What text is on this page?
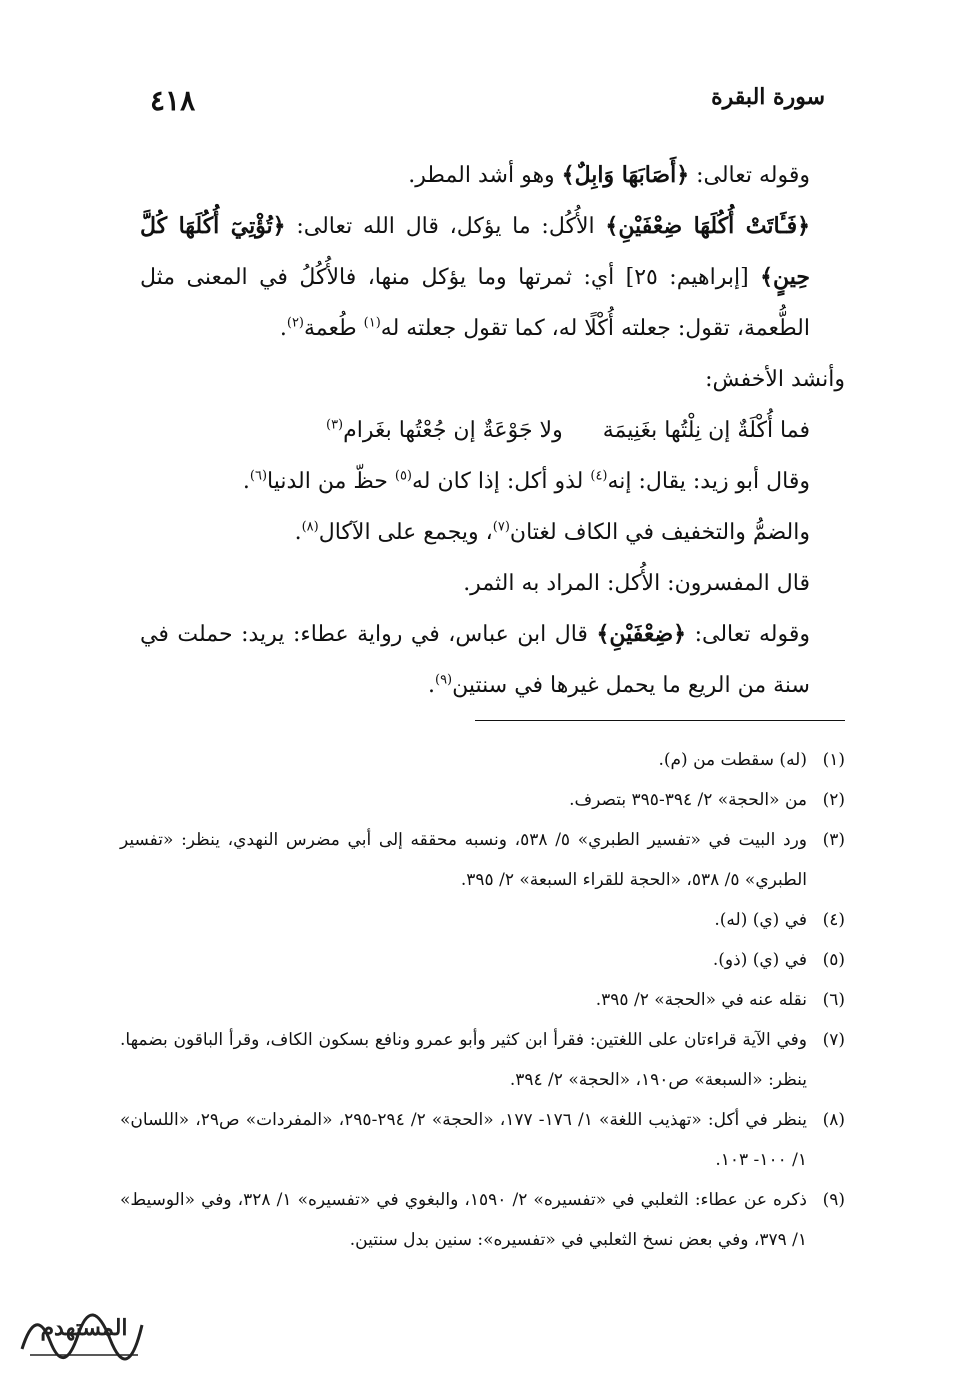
٤١٨	سورة البقرة

وقوله تعالى: ﴿أَصَابَهَا وَابِلٌ﴾ وهو أشد المطر.

﴿فَـَٔاتَتْ أُكُلَهَا ضِعْفَيْنِ﴾ الأُكُل: ما يؤكل، قال الله تعالى: ﴿تُؤْتِيٓ أُكُلَهَا كُلَّ حِينٍ﴾ [إبراهيم: ٢٥] أي: ثمرتها وما يؤكل منها، فالأُكُلُ في المعنى مثل الطُّعمة، تقول: جعلته أُكْلًا له، كما تقول جعلته له$^{(١)}$ طُعمة$^{(٢)}$.

وأنشد الأخفش:

فما أُكْلَةٌ إن نِلْتُها بغَنِيمَة  ولا جَوْعَةٌ إن جُعْتُها بغَرام$^{(٣)}$

وقال أبو زيد: يقال: إنه$^{(٤)}$ لذو أكل: إذا كان له$^{(٥)}$ حظّ من الدنيا$^{(٦)}$.

والضمُّ والتخفيف في الكاف لغتان$^{(٧)}$، ويجمع على الآكال$^{(٨)}$.

قال المفسرون: الأُكل: المراد به الثمر.

وقوله تعالى: ﴿ضِعْفَيْنِ﴾ قال ابن عباس، في رواية عطاء: يريد: حملت في سنة من الريع ما يحمل غيرها في سنتين$^{(٩)}$.

(١)
(له) سقطت من (م).
(٢)
من «الحجة» ٢/ ٣٩٤-٣٩٥ بتصرف.
(٣)
ورد البيت في «تفسير الطبري» ٥/ ٥٣٨، ونسبه محققه إلى أبي مضرس النهدي، ينظر: «تفسير الطبري» ٥/ ٥٣٨، «الحجة للقراء السبعة» ٢/ ٣٩٥.
(٤)
في (ي) (له).
(٥)
في (ي) (ذو).
(٦)
نقله عنه في «الحجة» ٢/ ٣٩٥.
(٧)
وفي الآية قراءتان على اللغتين: فقرأ ابن كثير وأبو عمرو ونافع بسكون الكاف، وقرأ الباقون بضمها. ينظر: «السبعة» ص١٩٠، «الحجة» ٢/ ٣٩٤.
(٨)
ينظر في أكل: «تهذيب اللغة» ١/ ١٧٦- ١٧٧، «الحجة» ٢/ ٢٩٤-٢٩٥، «المفردات» ص٢٩، «اللسان» ١/ ١٠٠- ١٠٣.
(٩)
ذكره عن عطاء: الثعلبي في «تفسيره» ٢/ ١٥٩٠، والبغوي في «تفسيره» ١/ ٣٢٨، وفي «الوسيط» ١/ ٣٧٩، وفي بعض نسخ الثعلبي في «تفسيره»: سنين بدل سنتين.
المستهدم
